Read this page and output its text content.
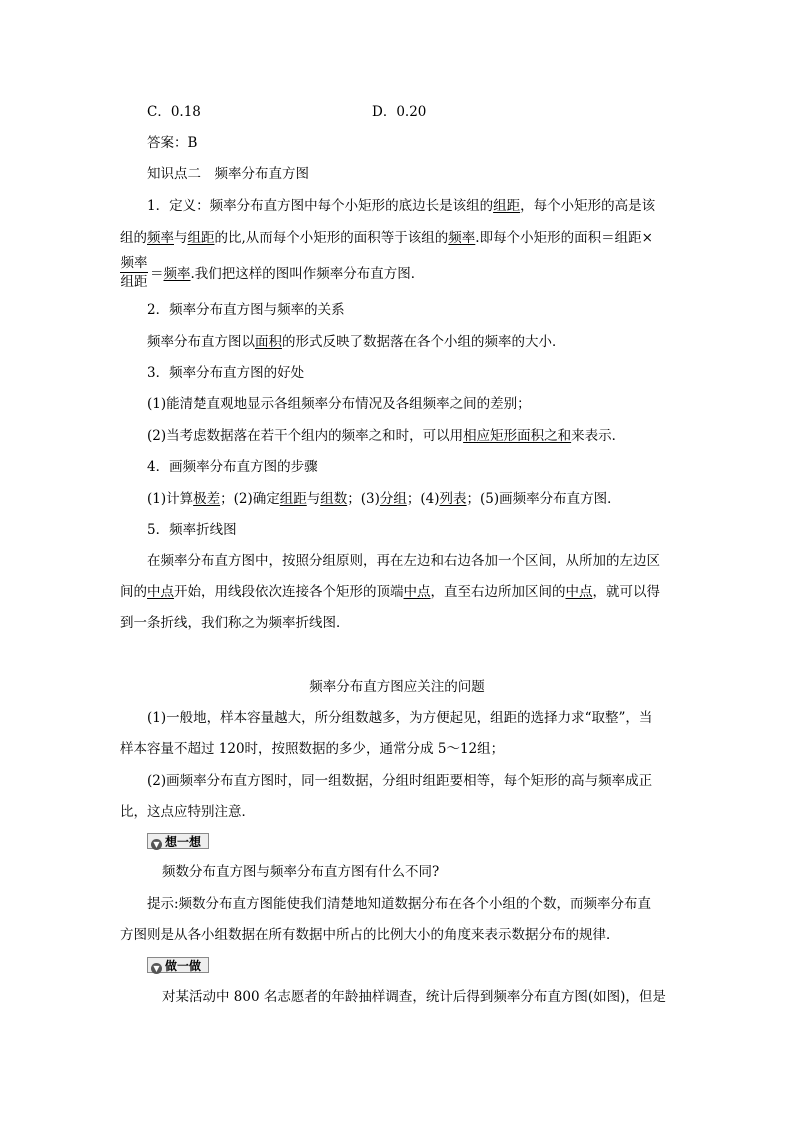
C．0.18	D．0.20
答案：B
知识点二　频率分布直方图
1．定义：频率分布直方图中每个小矩形的底边长是该组的组距，每个小矩形的高是该
组的频率与组距的比,从而每个小矩形的面积等于该组的频率.即每个小矩形的面积＝组距×
频率
组距 ＝频率.我们把这样的图叫作频率分布直方图．
2．频率分布直方图与频率的关系
频率分布直方图以面积的形式反映了数据落在各个小组的频率的大小．
3．频率分布直方图的好处
(1)能清楚直观地显示各组频率分布情况及各组频率之间的差别；
(2)当考虑数据落在若干个组内的频率之和时，可以用相应矩形面积之和来表示．
4．画频率分布直方图的步骤
(1)计算极差；(2)确定组距与组数；(3)分组；(4)列表；(5)画频率分布直方图．
5．频率折线图
在频率分布直方图中，按照分组原则，再在左边和右边各加一个区间，从所加的左边区
间的中点开始，用线段依次连接各个矩形的顶端中点，直至右边所加区间的中点，就可以得
到一条折线，我们称之为频率折线图．
频率分布直方图应关注的问题
(1)一般地，样本容量越大，所分组数越多，为方便起见，组距的选择力求“取整”，当
样本容量不超过 120时，按照数据的多少，通常分成 5～12组；
(2)画频率分布直方图时，同一组数据，分组时组距要相等，每个矩形的高与频率成正
比，这点应特别注意．
▼ 想一想
频数分布直方图与频率分布直方图有什么不同?
提示:频数分布直方图能使我们清楚地知道数据分布在各个小组的个数，而频率分布直
方图则是从各小组数据在所有数据中所占的比例大小的角度来表示数据分布的规律．
▼ 做一做
对某活动中 800 名志愿者的年龄抽样调查，统计后得到频率分布直方图(如图)，但是
